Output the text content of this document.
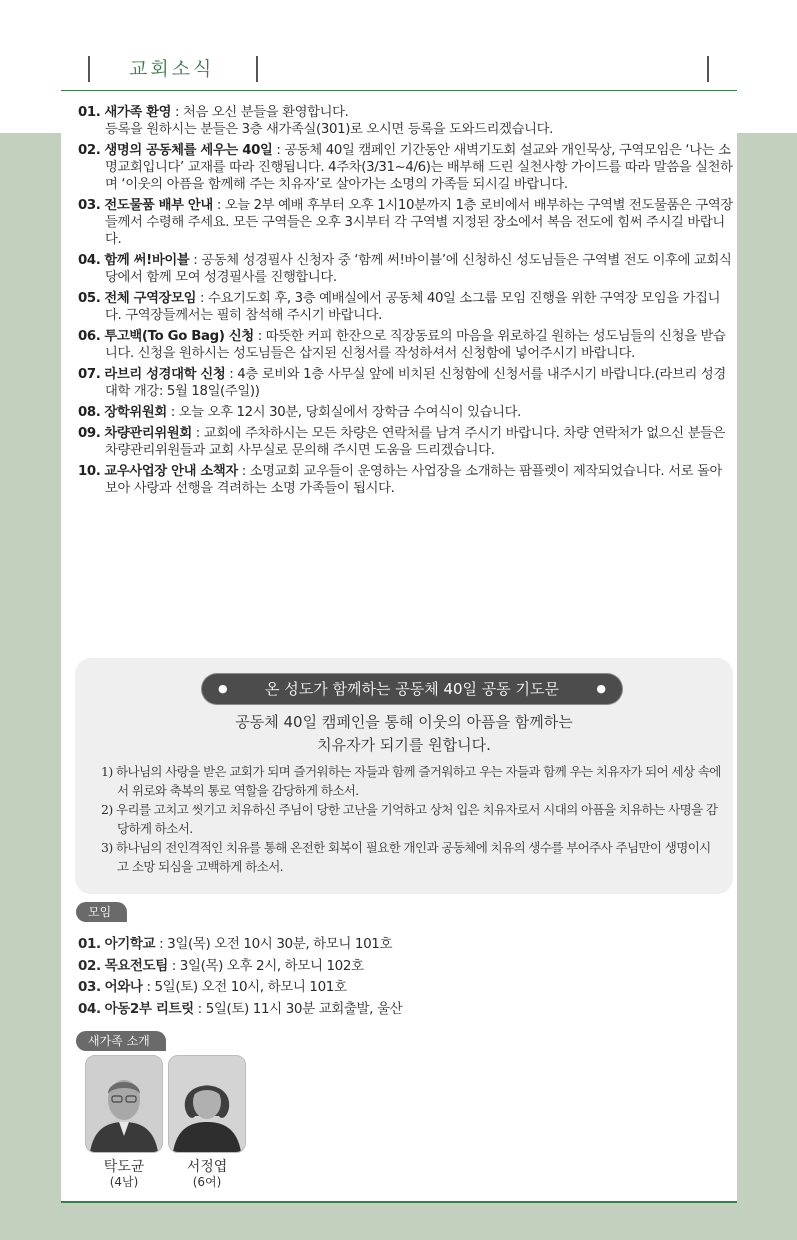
교회소식
01. 새가족 환영 : 처음 오신 분들을 환영합니다.
등록을 원하시는 분들은 3층 새가족실(301)로 오시면 등록을 도와드리겠습니다.
02. 생명의 공동체를 세우는 40일 : 공동체 40일 캠페인 기간동안 새벽기도회 설교와 개인묵상, 구역모임은 ‘나는 소명교회입니다’ 교재를 따라 진행됩니다. 4주차(3/31~4/6)는 배부해 드린 실천사항 가이드를 따라 말씀을 실천하며 ‘이웃의 아픔을 함께해 주는 치유자’로 살아가는 소명의 가족들 되시길 바랍니다.
03. 전도물품 배부 안내 : 오늘 2부 예배 후부터 오후 1시10분까지 1층 로비에서 배부하는 구역별 전도물품은 구역장들께서 수령해 주세요. 모든 구역들은 오후 3시부터 각 구역별 지정된 장소에서 복음 전도에 힘써 주시길 바랍니다.
04. 함께 써!바이블 : 공동체 성경필사 신청자 중 ‘함께 써!바이블’에 신청하신 성도님들은 구역별 전도 이후에 교회식당에서 함께 모여 성경필사를 진행합니다.
05. 전체 구역장모임 : 수요기도회 후, 3층 예배실에서 공동체 40일 소그룹 모임 진행을 위한 구역장 모임을 가집니다. 구역장들께서는 필히 참석해 주시기 바랍니다.
06. 투고백(To Go Bag) 신청 : 따뜻한 커피 한잔으로 직장동료의 마음을 위로하길 원하는 성도님들의 신청을 받습니다. 신청을 원하시는 성도님들은 삽지된 신청서를 작성하셔서 신청함에 넣어주시기 바랍니다.
07. 라브리 성경대학 신청 : 4층 로비와 1층 사무실 앞에 비치된 신청함에 신청서를 내주시기 바랍니다.(라브리 성경대학 개강: 5월 18일(주일))
08. 장학위원회 : 오늘 오후 12시 30분, 당회실에서 장학금 수여식이 있습니다.
09. 차량관리위원회 : 교회에 주차하시는 모든 차량은 연락처를 남겨 주시기 바랍니다. 차량 연락처가 없으신 분들은 차량관리위원들과 교회 사무실로 문의해 주시면 도움을 드리겠습니다.
10. 교우사업장 안내 소책자 : 소명교회 교우들이 운영하는 사업장을 소개하는 팜플렛이 제작되었습니다. 서로 돌아보아 사랑과 선행을 격려하는 소명 가족들이 됩시다.
● 온 성도가 함께하는 공동체 40일 공동 기도문	●
공동체 40일 캠페인을 통해 이웃의 아픔을 함께하는
치유자가 되기를 원합니다.
1) 하나님의 사랑을 받은 교회가 되며 즐거워하는 자들과 함께 즐거워하고 우는 자들과 함께 우는 치유자가 되어 세상 속에서 위로와 축복의 통로 역할을 감당하게 하소서.
2) 우리를 고치고 씻기고 치유하신 주님이 당한 고난을 기억하고 상처 입은 치유자로서 시대의 아픔을 치유하는 사명을 감당하게 하소서.
3) 하나님의 전인격적인 치유를 통해 온전한 회복이 필요한 개인과 공동체에 치유의 생수를 부어주사 주님만이 생명이시고 소망 되심을 고백하게 하소서.
모임
01. 아기학교 : 3일(목) 오전 10시 30분, 하모니 101호
02. 목요전도팀 : 3일(목) 오후 2시, 하모니 102호
03. 어와나 : 5일(토) 오전 10시, 하모니 101호
04. 아동2부 리트릿 : 5일(토) 11시 30분 교회출발, 울산
새가족 소개
탁도균
(4남)
서정엽
(6여)
